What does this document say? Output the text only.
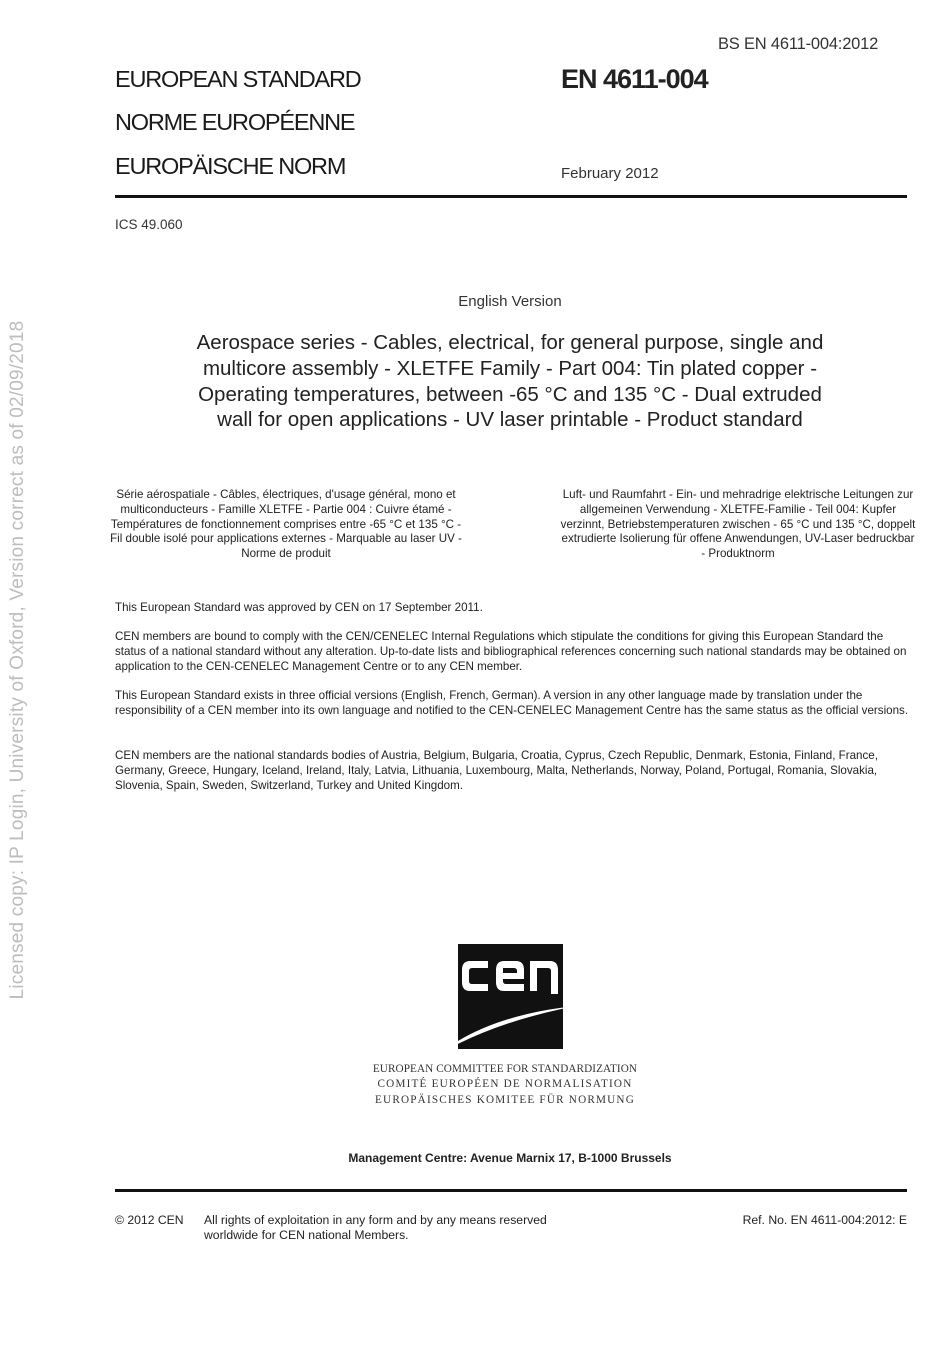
BS EN 4611-004:2012
EUROPEAN STANDARD
NORME EUROPÉENNE
EUROPÄISCHE NORM
EN 4611-004
February 2012
ICS 49.060
English Version
Aerospace series - Cables, electrical, for general purpose, single and multicore assembly - XLETFE Family - Part 004: Tin plated copper - Operating temperatures, between -65 °C and 135 °C - Dual extruded wall for open applications - UV laser printable - Product standard
Série aérospatiale - Câbles, électriques, d'usage général, mono et multiconducteurs - Famille XLETFE - Partie 004 : Cuivre étamé - Températures de fonctionnement comprises entre -65 °C et 135 °C - Fil double isolé pour applications externes - Marquable au laser UV - Norme de produit
Luft- und Raumfahrt - Ein- und mehradrige elektrische Leitungen zur allgemeinen Verwendung - XLETFE-Familie - Teil 004: Kupfer verzinnt, Betriebstemperaturen zwischen - 65 °C und 135 °C, doppelt extrudierte Isolierung für offene Anwendungen, UV-Laser bedruckbar - Produktnorm
This European Standard was approved by CEN on 17 September 2011.
CEN members are bound to comply with the CEN/CENELEC Internal Regulations which stipulate the conditions for giving this European Standard the status of a national standard without any alteration. Up-to-date lists and bibliographical references concerning such national standards may be obtained on application to the CEN-CENELEC Management Centre or to any CEN member.
This European Standard exists in three official versions (English, French, German). A version in any other language made by translation under the responsibility of a CEN member into its own language and notified to the CEN-CENELEC Management Centre has the same status as the official versions.
CEN members are the national standards bodies of Austria, Belgium, Bulgaria, Croatia, Cyprus, Czech Republic, Denmark, Estonia, Finland, France, Germany, Greece, Hungary, Iceland, Ireland, Italy, Latvia, Lithuania, Luxembourg, Malta, Netherlands, Norway, Poland, Portugal, Romania, Slovakia, Slovenia, Spain, Sweden, Switzerland, Turkey and United Kingdom.
EUROPEAN COMMITTEE FOR STANDARDIZATION
COMITÉ EUROPÉEN DE NORMALISATION
EUROPÄISCHES KOMITEE FÜR NORMUNG
Management Centre: Avenue Marnix 17, B-1000 Brussels
© 2012 CEN All rights of exploitation in any form and by any means reserved
worldwide for CEN national Members.
Ref. No. EN 4611-004:2012: E
Licensed copy: IP Login, University of Oxford, Version correct as of 02/09/2018
